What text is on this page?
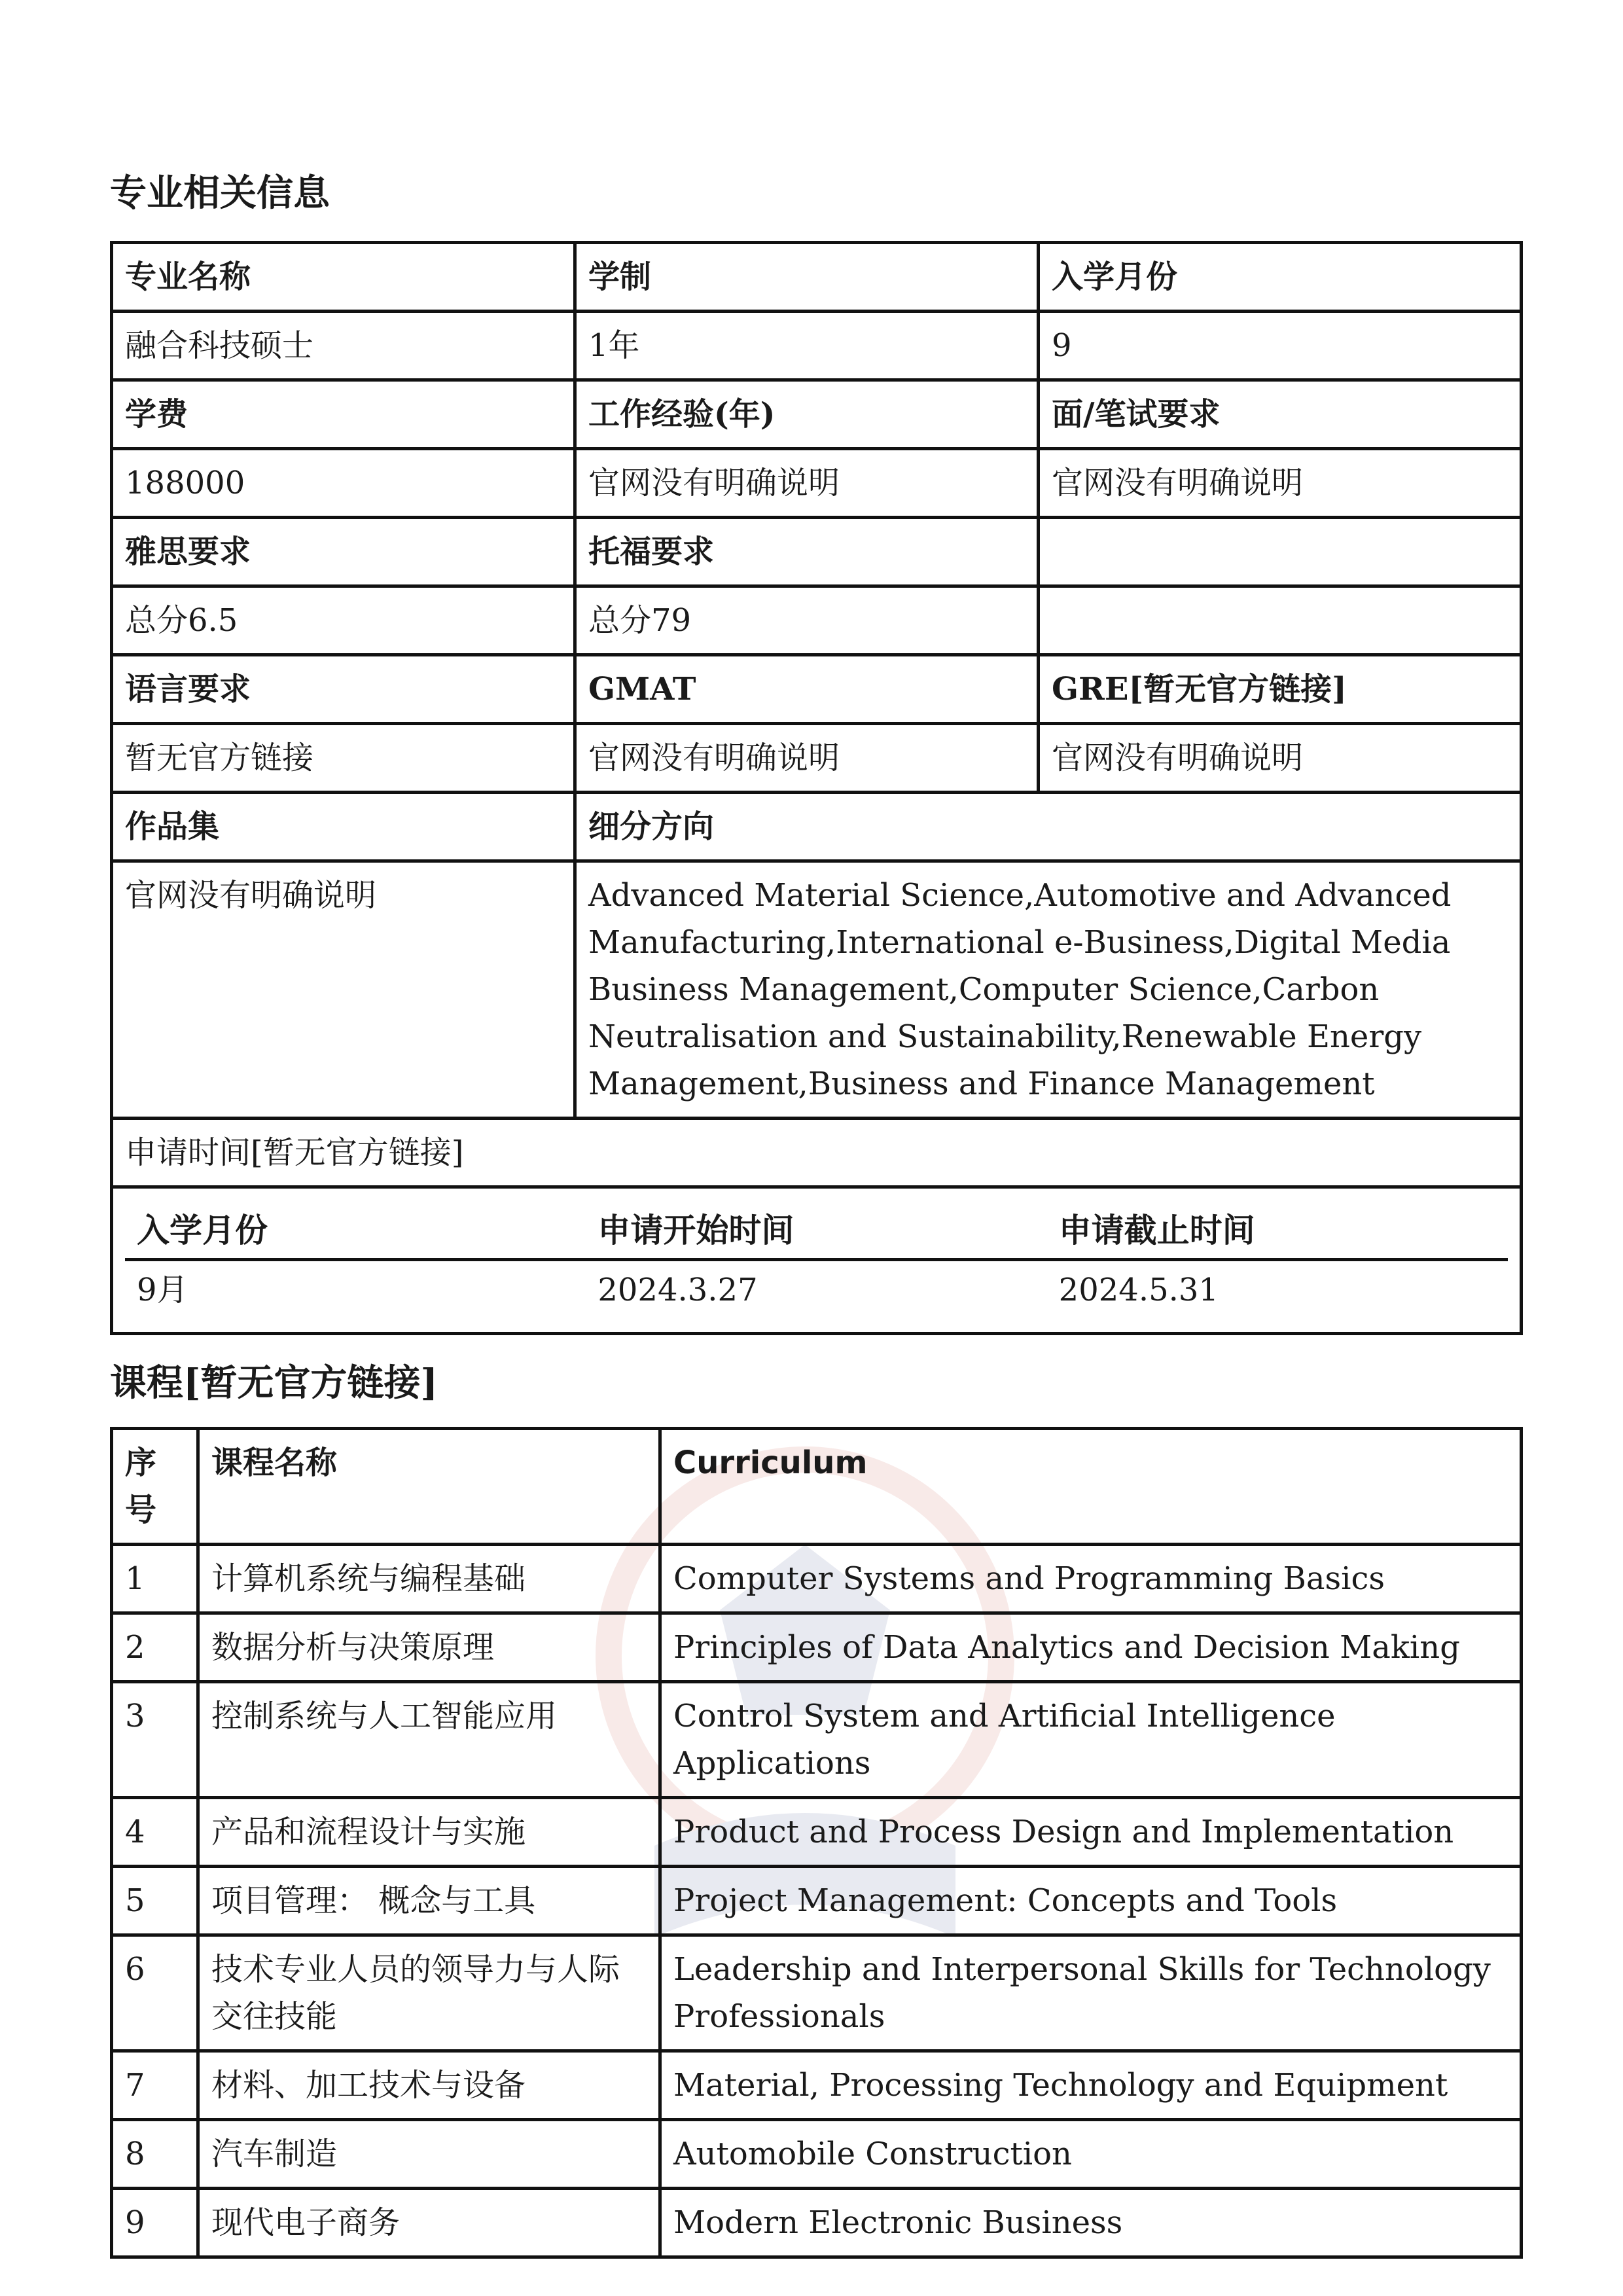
专业相关信息
专业名称	学制	入学月份
融合科技硕士	1年	9
学费	工作经验(年)	面/笔试要求
188000	官网没有明确说明	官网没有明确说明
雅思要求	托福要求	
总分6.5	总分79	
语言要求	GMAT	GRE[暂无官方链接]
暂无官方链接	官网没有明确说明	官网没有明确说明
作品集	细分方向
官网没有明确说明	Advanced Material Science,Automotive and Advanced Manufacturing,International e-Business,Digital Media Business Management,Computer Science,Carbon Neutralisation and Sustainability,Renewable Energy Management,Business and Finance Management
申请时间[暂无官方链接]

入学月份	申请开始时间	申请截止时间
9月	2024.3.27	2024.5.31
课程[暂无官方链接]
序号	课程名称	Curriculum
1	计算机系统与编程基础	Computer Systems and Programming Basics
2	数据分析与决策原理	Principles of Data Analytics and Decision Making
3	控制系统与人工智能应用	Control System and Artificial Intelligence Applications
4	产品和流程设计与实施	Product and Process Design and Implementation
5	项目管理： 概念与工具	Project Management: Concepts and Tools
6	技术专业人员的领导力与人际交往技能	Leadership and Interpersonal Skills for Technology Professionals
7	材料、加工技术与设备	Material, Processing Technology and Equipment
8	汽车制造	Automobile Construction
9	现代电子商务	Modern Electronic Business
